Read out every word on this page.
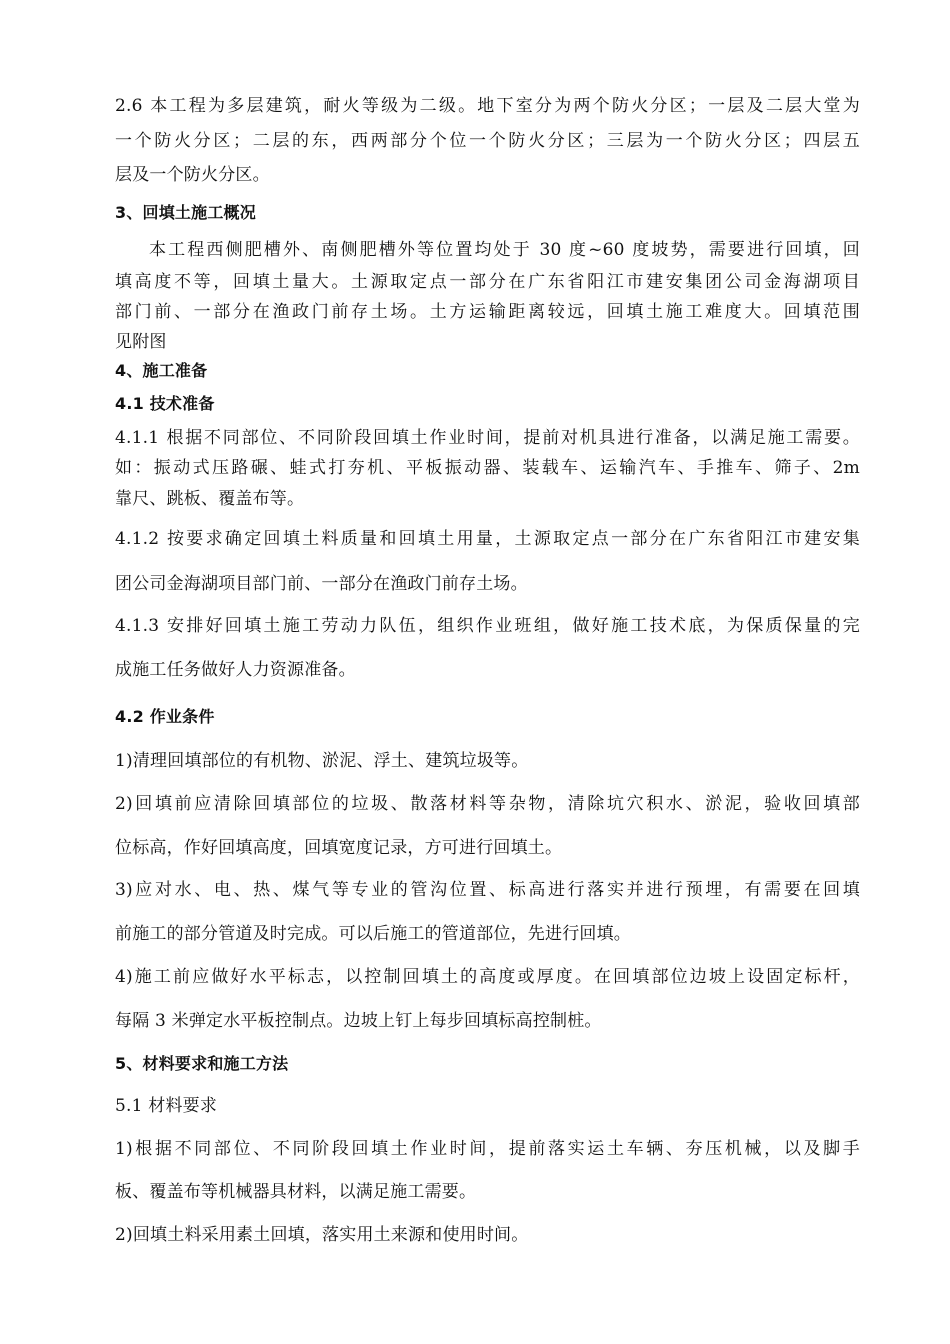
2.6 本工程为多层建筑，耐火等级为二级。地下室分为两个防火分区；一层及二层大堂为
一个防火分区；二层的东，西两部分个位一个防火分区；三层为一个防火分区；四层五
层及一个防火分区。
3、回填土施工概况
本工程西侧肥槽外、南侧肥槽外等位置均处于 30 度~60 度坡势，需要进行回填，回
填高度不等，回填土量大。土源取定点一部分在广东省阳江市建安集团公司金海湖项目
部门前、一部分在渔政门前存土场。土方运输距离较远，回填土施工难度大。回填范围
见附图
4、施工准备
4.1 技术准备
4.1.1 根据不同部位、不同阶段回填土作业时间，提前对机具进行准备，以满足施工需要。
如：振动式压路碾、蛙式打夯机、平板振动器、装载车、运输汽车、手推车、筛子、2m
靠尺、跳板、覆盖布等。
4.1.2 按要求确定回填土料质量和回填土用量，土源取定点一部分在广东省阳江市建安集
团公司金海湖项目部门前、一部分在渔政门前存土场。
4.1.3 安排好回填土施工劳动力队伍，组织作业班组，做好施工技术底，为保质保量的完
成施工任务做好人力资源准备。
4.2 作业条件
1)清理回填部位的有机物、淤泥、浮土、建筑垃圾等。
2)回填前应清除回填部位的垃圾、散落材料等杂物，清除坑穴积水、淤泥，验收回填部
位标高，作好回填高度，回填宽度记录，方可进行回填土。
3)应对水、电、热、煤气等专业的管沟位置、标高进行落实并进行预埋，有需要在回填
前施工的部分管道及时完成。可以后施工的管道部位，先进行回填。
4)施工前应做好水平标志，以控制回填土的高度或厚度。在回填部位边坡上设固定标杆，
每隔 3 米弹定水平板控制点。边坡上钉上每步回填标高控制桩。
5、材料要求和施工方法
5.1 材料要求
1)根据不同部位、不同阶段回填土作业时间，提前落实运土车辆、夯压机械，以及脚手
板、覆盖布等机械器具材料，以满足施工需要。
2)回填土料采用素土回填，落实用土来源和使用时间。
